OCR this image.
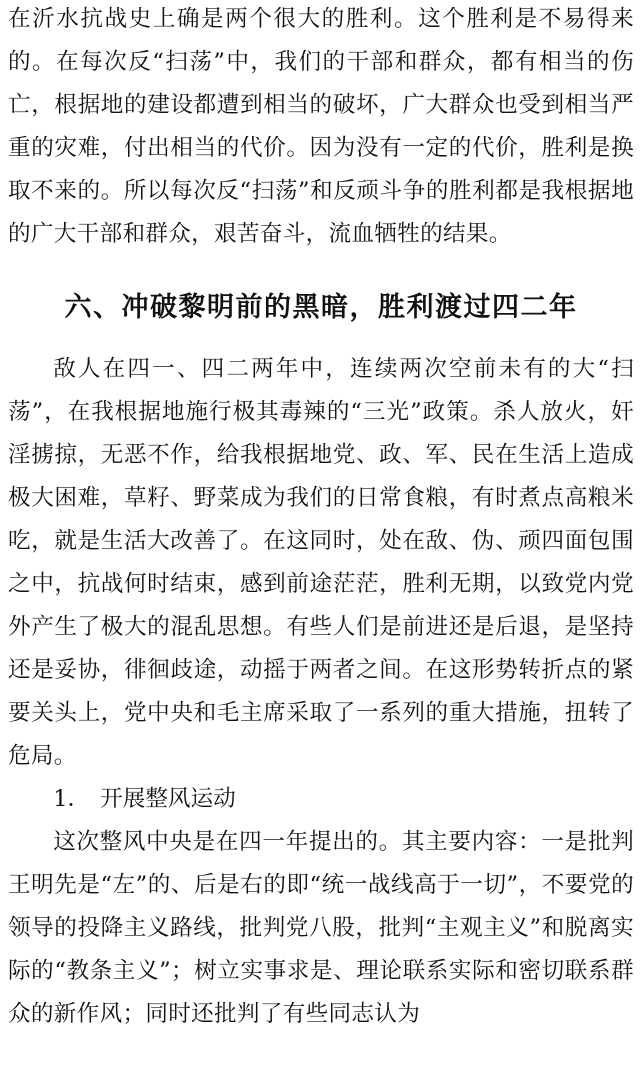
在沂水抗战史上确是两个很大的胜利。这个胜利是不易得来的。在每次反“扫荡”中，我们的干部和群众，都有相当的伤亡，根据地的建设都遭到相当的破坏，广大群众也受到相当严重的灾难，付出相当的代价。因为没有一定的代价，胜利是换取不来的。所以每次反“扫荡”和反顽斗争的胜利都是我根据地的广大干部和群众，艰苦奋斗，流血牺牲的结果。

六、冲破黎明前的黑暗，胜利渡过四二年

敌人在四一、四二两年中，连续两次空前未有的大“扫荡”，在我根据地施行极其毒辣的“三光”政策。杀人放火，奸淫掳掠，无恶不作，给我根据地党、政、军、民在生活上造成极大困难，草籽、野菜成为我们的日常食粮，有时煮点高粮米吃，就是生活大改善了。在这同时，处在敌、伪、顽四面包围之中，抗战何时结束，感到前途茫茫，胜利无期，以致党内党外产生了极大的混乱思想。有些人们是前进还是后退，是坚持还是妥协，徘徊歧途，动摇于两者之间。在这形势转折点的紧要关头上，党中央和毛主席采取了一系列的重大措施，扭转了危局。

1． 开展整风运动

这次整风中央是在四一年提出的。其主要内容：一是批判王明先是“左”的、后是右的即“统一战线高于一切”，不要党的领导的投降主义路线，批判党八股，批判“主观主义”和脱离实际的“教条主义”；树立实事求是、理论联系实际和密切联系群众的新作风；同时还批判了有些同志认为
